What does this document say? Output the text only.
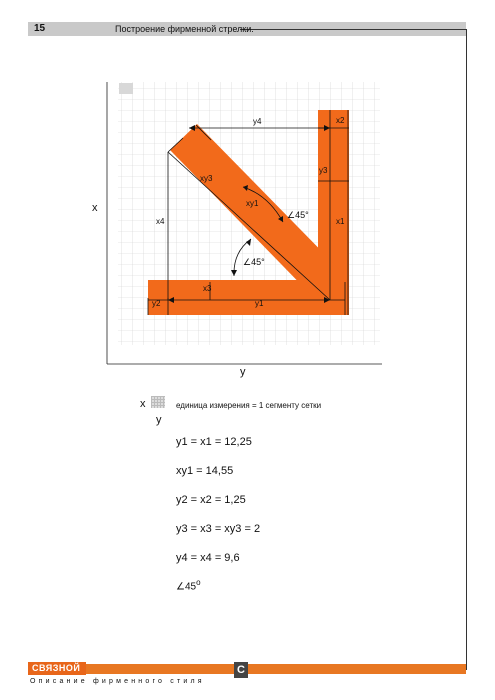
15	Построение фирменной стрелки.
y4	x2
y3
x1
xy3
xy1
x4
x3
y2	y1
∠45°
∠45°
x
y
x
y
единица измерения = 1 сегменту сетки
y1 = x1 = 12,25
xy1 = 14,55
y2 = x2 = 1,25
y3 = x3 = xy3 = 2
y4 = x4 = 9,6
$\angle 45^о$
СВЯЗНОЙ	С
Описание фирменного стиля
